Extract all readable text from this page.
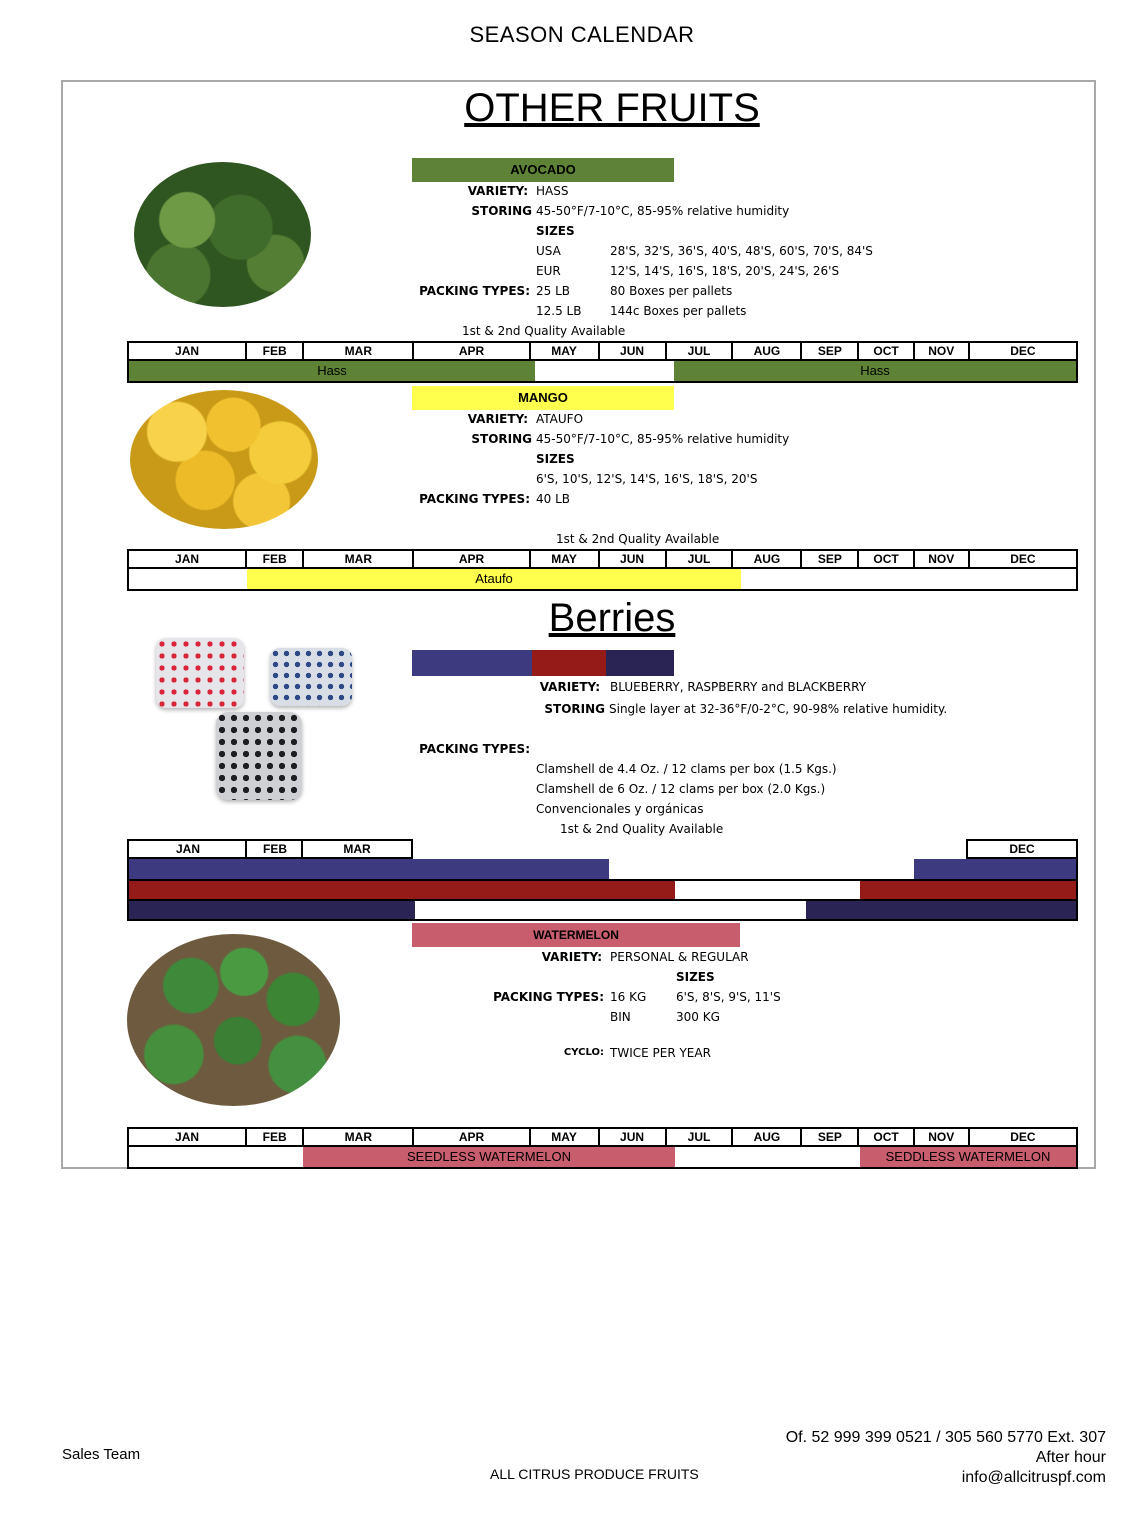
SEASON CALENDAR
OTHER FRUITS
AVOCADO
VARIETY: HASS
STORING 45-50°F/7-10°C, 85-95% relative humidity
SIZES
USA	28'S, 32'S, 36'S, 40'S, 48'S, 60'S, 70'S, 84'S
EUR	12'S, 14'S, 16'S, 18'S, 20'S, 24'S, 26'S
PACKING TYPES: 25 LB	80 Boxes per pallets
12.5 LB 144c Boxes per pallets
1st & 2nd Quality Available
JAN	FEB	MAR	APR	MAY	JUN	JUL	AUG	SEP	OCT	NOV	DEC
Hass	Hass
MANGO
VARIETY: ATAUFO
STORING 45-50°F/7-10°C, 85-95% relative humidity
SIZES
6'S, 10'S, 12'S, 14'S, 16'S, 18'S, 20'S
PACKING TYPES: 40 LB
1st & 2nd Quality Available
JAN	FEB	MAR	APR	MAY	JUN	JUL	AUG	SEP	OCT	NOV	DEC
Ataufo
Berries
VARIETY: BLUEBERRY, RASPBERRY and BLACKBERRY
STORING Single layer at 32-36°F/0-2°C, 90-98% relative humidity.
PACKING TYPES:
Clamshell de 4.4 Oz. / 12 clams per box (1.5 Kgs.)
Clamshell de 6 Oz. / 12 clams per box (2.0 Kgs.)
Convencionales y orgánicas
1st & 2nd Quality Available
JAN	FEB	MAR	DEC
WATERMELON
VARIETY: PERSONAL & REGULAR
SIZES
PACKING TYPES: 16 KG 6'S, 8'S, 9'S, 11'S
BIN	300 KG
CYCLO: TWICE PER YEAR
JAN	FEB	MAR	APR	MAY	JUN	JUL	AUG	SEP	OCT	NOV	DEC
SEEDLESS WATERMELON	SEDDLESS WATERMELON
Sales Team
ALL CITRUS PRODUCE FRUITS
Of. 52 999 399 0521 / 305 560 5770 Ext. 307
After hour
info@allcitruspf.com
